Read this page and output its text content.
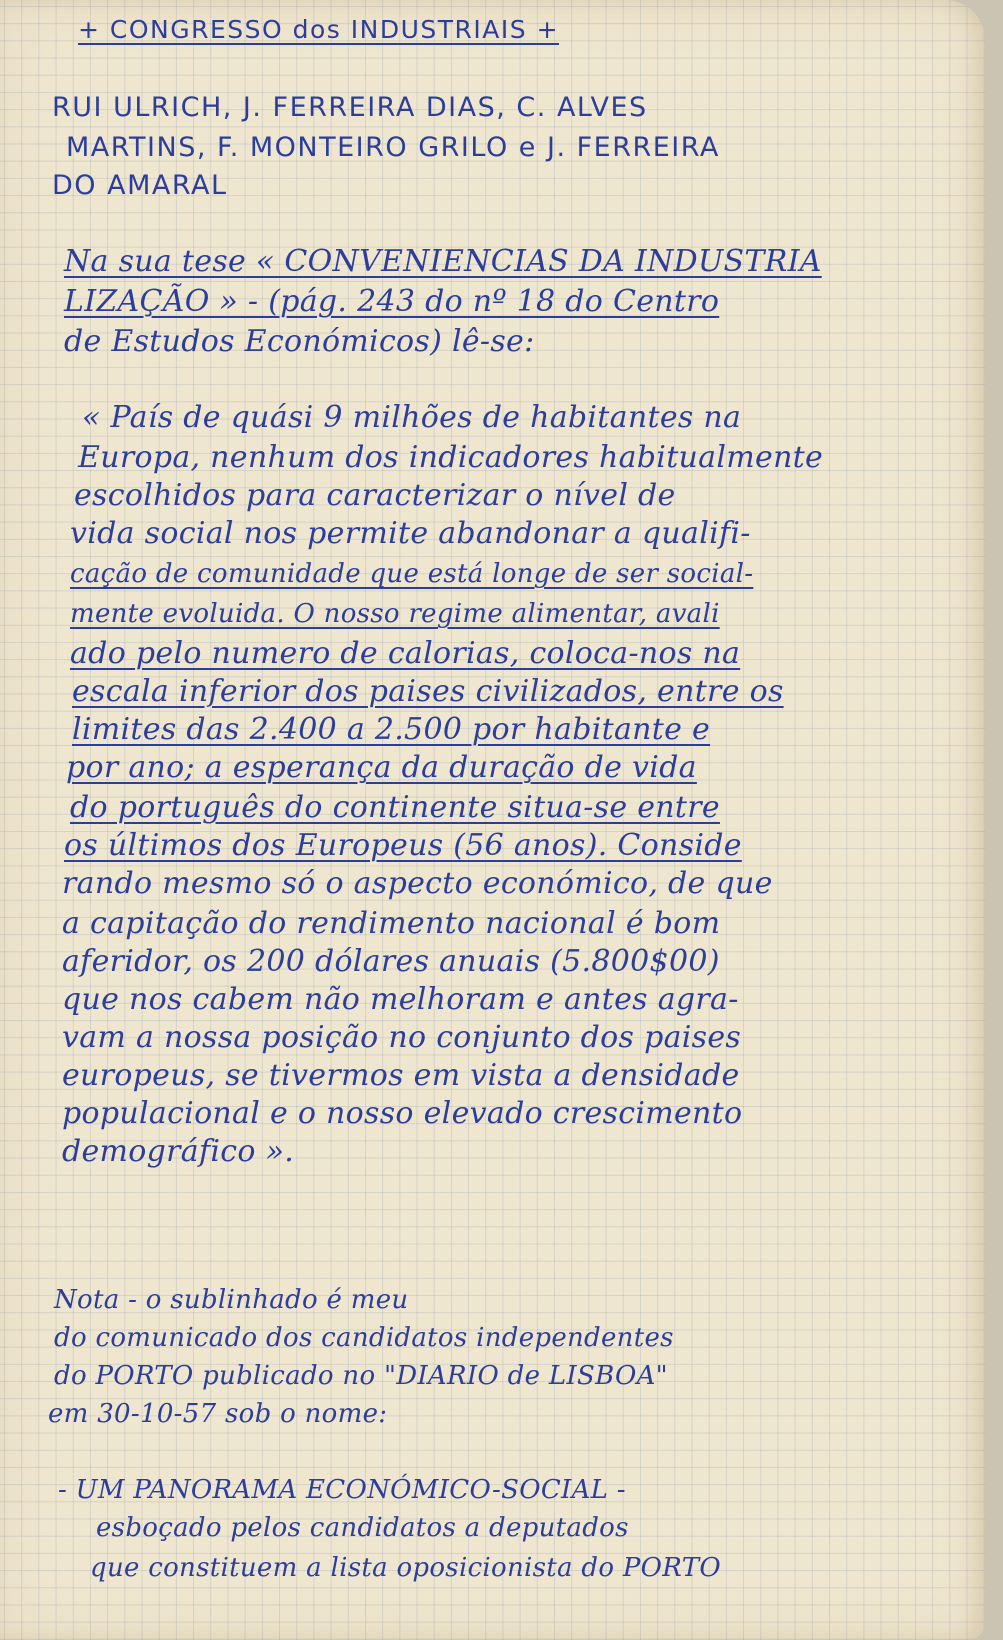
+ CONGRESSO dos INDUSTRIAIS +

RUI ULRICH, J. FERREIRA DIAS, C. ALVES

MARTINS, F. MONTEIRO GRILO e J. FERREIRA

DO AMARAL

Na sua tese « CONVENIENCIAS DA INDUSTRIA

LIZAÇÃO » - (pág. 243 do nº 18 do Centro

de Estudos Económicos) lê-se:

« País de quási 9 milhões de habitantes na

Europa, nenhum dos indicadores habitualmente

escolhidos para caracterizar o nível de

vida social nos permite abandonar a qualifi-

cação de comunidade que está longe de ser social-

mente evoluida. O nosso regime alimentar, avali

ado pelo numero de calorias, coloca-nos na

escala inferior dos paises civilizados, entre os

limites das 2.400 a 2.500 por habitante e

por ano; a esperança da duração de vida

do português do continente situa-se entre

os últimos dos Europeus (56 anos). Conside

rando mesmo só o aspecto económico, de que

a capitação do rendimento nacional é bom

aferidor, os 200 dólares anuais (5.800$00)

que nos cabem não melhoram e antes agra-

vam a nossa posição no conjunto dos paises

europeus, se tivermos em vista a densidade

populacional e o nosso elevado crescimento

demográfico ».

Nota - o sublinhado é meu

do comunicado dos candidatos independentes

do PORTO publicado no "DIARIO de LISBOA"

em 30-10-57 sob o nome:

- UM PANORAMA ECONÓMICO-SOCIAL -

esboçado pelos candidatos a deputados

que constituem a lista oposicionista do PORTO
